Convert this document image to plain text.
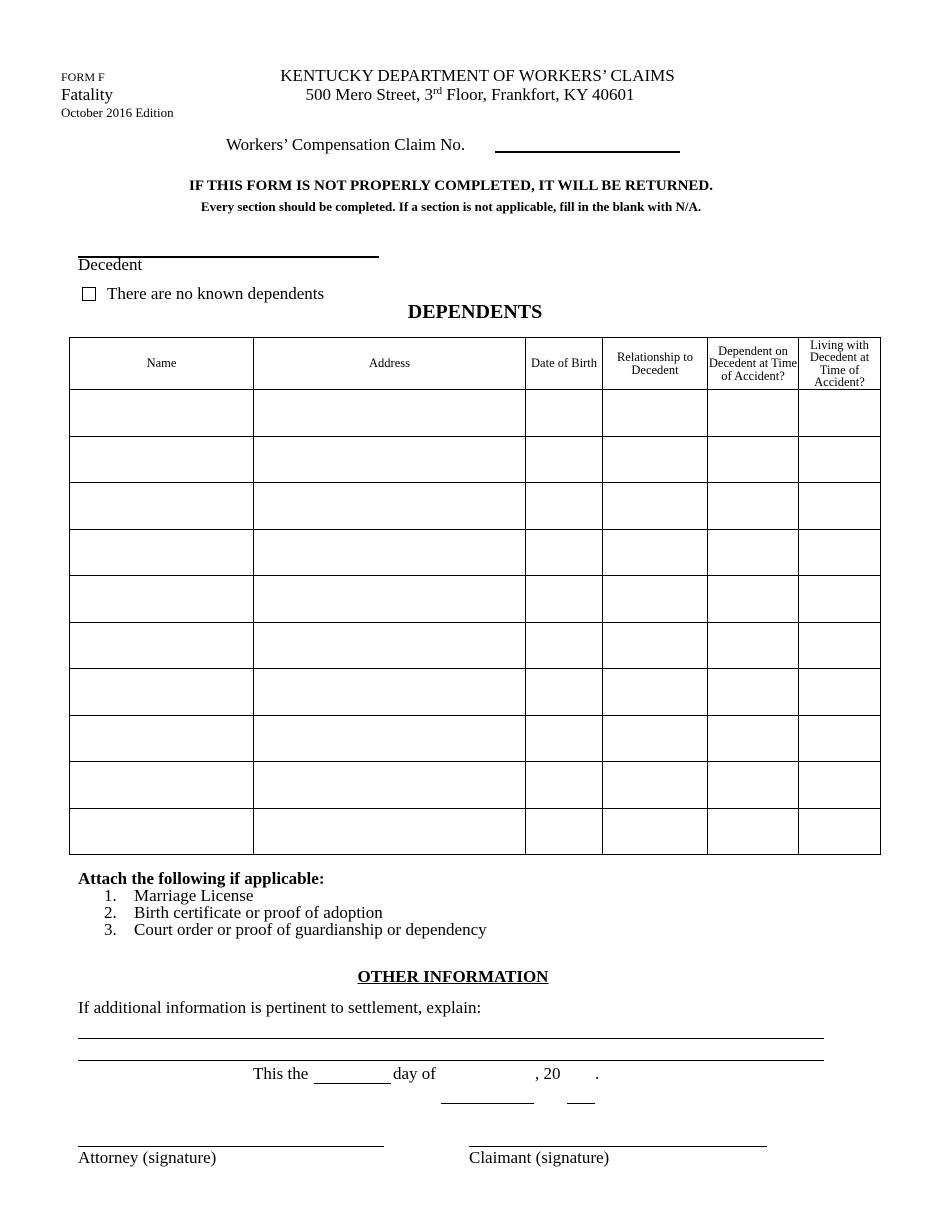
FORM F
Fatality
October 2016 Edition
KENTUCKY DEPARTMENT OF WORKERS’ CLAIMS
500 Mero Street, 3rd Floor, Frankfort, KY 40601
Workers’ Compensation Claim No.
IF THIS FORM IS NOT PROPERLY COMPLETED, IT WILL BE RETURNED.
Every section should be completed. If a section is not applicable, fill in the blank with N/A.
Decedent
There are no known dependents
DEPENDENTS
Name	Address	Date of Birth	Relationship to Decedent	Dependent on Decedent at Time of Accident?	Living with Decedent at Time of Accident?

Attach the following if applicable:
1. Marriage License
2. Birth certificate or proof of adoption
3. Court order or proof of guardianship or dependency
OTHER INFORMATION
If additional information is pertinent to settlement, explain:
This the	day of	, 20 .
Attorney (signature)	Claimant (signature)
